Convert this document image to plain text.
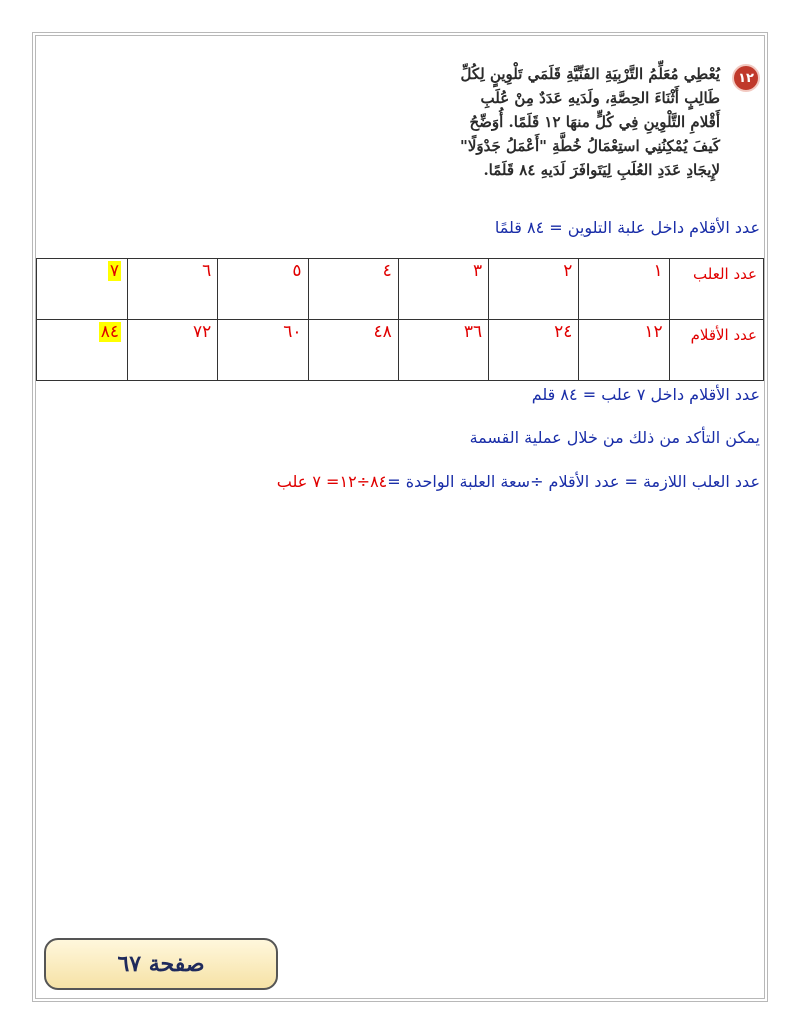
١٢
يُعْطِي مُعَلِّمُ التَّرْبِيَةِ الفَنِّيَّةِ قَلَمَي تَلْوِينٍ لِكُلِّ
طَالِبٍ أَثْنَاءَ الحِصَّةِ، ولَدَيهِ عَدَدٌ مِنْ عُلَبِ
أَقْلامِ التَّلْوِينِ فِي كُلٍّ منهَا ١٢ قَلَمًا. أُوَضِّحُ
كَيفَ يُمْكِنُنِي استِعْمَالُ خُطَّةِ "أَعْمَلُ جَدْوَلًا"
لإِيجَادِ عَدَدِ العُلَبِ لِيَتَوافَرَ لَدَيهِ ٨٤ قَلَمًا.
عدد الأقلام داخل علبة التلوين = ٨٤ قلمًا
عدد العلب	١	٢	٣	٤	٥	٦	٧
عدد الأقلام	١٢	٢٤	٣٦	٤٨	٦٠	٧٢	٨٤
عدد الأقلام داخل ٧ علب = ٨٤ قلم
يمكن التأكد من ذلك من خلال عملية القسمة
عدد العلب اللازمة = عدد الأقلام ÷سعة العلبة الواحدة =٨٤÷١٢= ٧ علب
صفحة ٦٧
